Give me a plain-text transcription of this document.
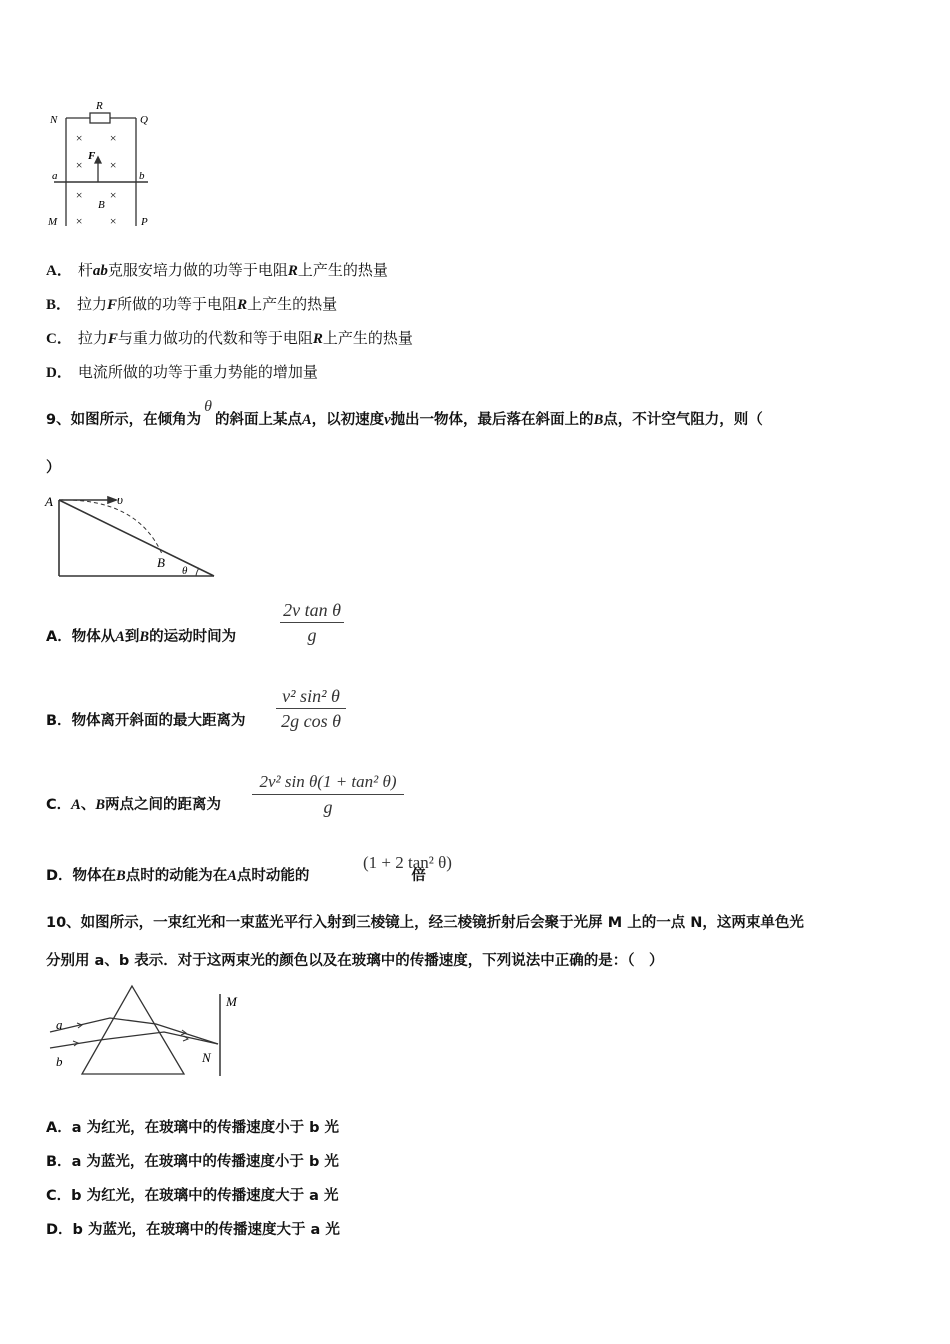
R
N	Q
F
a	b
B
M	P
× ×
× ×
× ×
× ×
A． 杆ab克服安培力做的功等于电阻R上产生的热量
B． 拉力F所做的功等于电阻R上产生的热量
C． 拉力F与重力做功的代数和等于电阻R上产生的热量
D． 电流所做的功等于重力势能的增加量
9、如图所示，在倾角为θ的斜面上某点A，以初速度v抛出一物体，最后落在斜面上的B点，不计空气阻力，则（
）
A	υ
B
θ
A．物体从A到B的运动时间为
2v tan θ
g
B．物体离开斜面的最大距离为
v² sin² θ
2g cos θ
C．A、B两点之间的距离为
2v² sin θ(1 + tan² θ)
g
D．物体在B点时的动能为在A点时动能的	倍
(1 + 2 tan² θ)
10、如图所示，一束红光和一束蓝光平行入射到三棱镜上，经三棱镜折射后会聚于光屏 M 上的一点 N，这两束单色光
分别用 a、b 表示．对于这两束光的颜色以及在玻璃中的传播速度，下列说法中正确的是：（　）
a
b
M
N
A．a 为红光，在玻璃中的传播速度小于 b 光
B．a 为蓝光，在玻璃中的传播速度小于 b 光
C．b 为红光，在玻璃中的传播速度大于 a 光
D．b 为蓝光，在玻璃中的传播速度大于 a 光
